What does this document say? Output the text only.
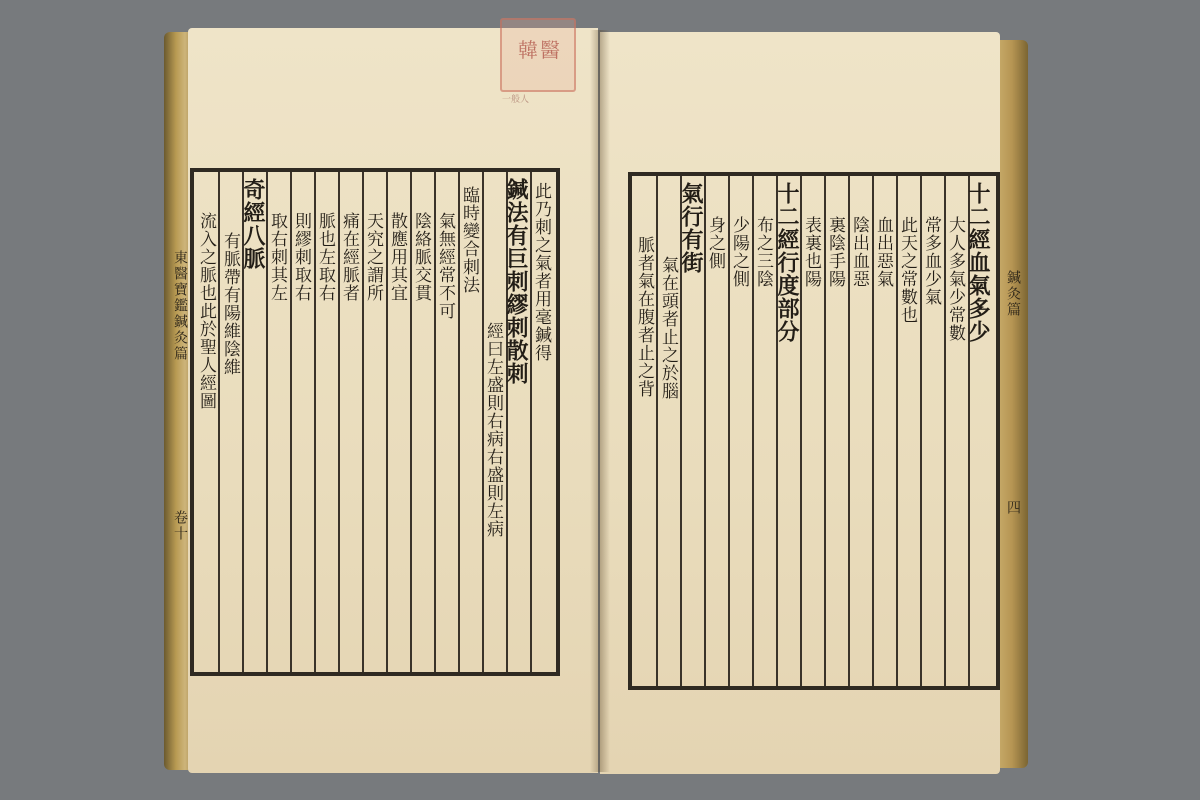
韓醫
一般人
東醫寶鑑鍼灸篇
卷十
鍼灸篇
四
此乃刺之氣者用毫鍼得
鍼法有巨刺繆刺散刺
經曰左盛則右病右盛則左病
臨時變合刺法
氣無經常不可
陰絡脈交貫
散應用其宜
天究之謂所
痛在經脈者
脈也左取右
則繆刺取右
取右刺其左
奇經八脈
有脈帶有陽維陰維
流入之脈也此於聖人經圖	十二經血氣多少
大人多氣少常數
常多血少氣
此天之常數也
血出惡氣
陰出血惡
裏陰手陽
表裏也陽
十二經行度部分
布之三陰
少陽之側
身之側
氣行有街
氣在頭者止之於腦
脈者氣在腹者止之背
